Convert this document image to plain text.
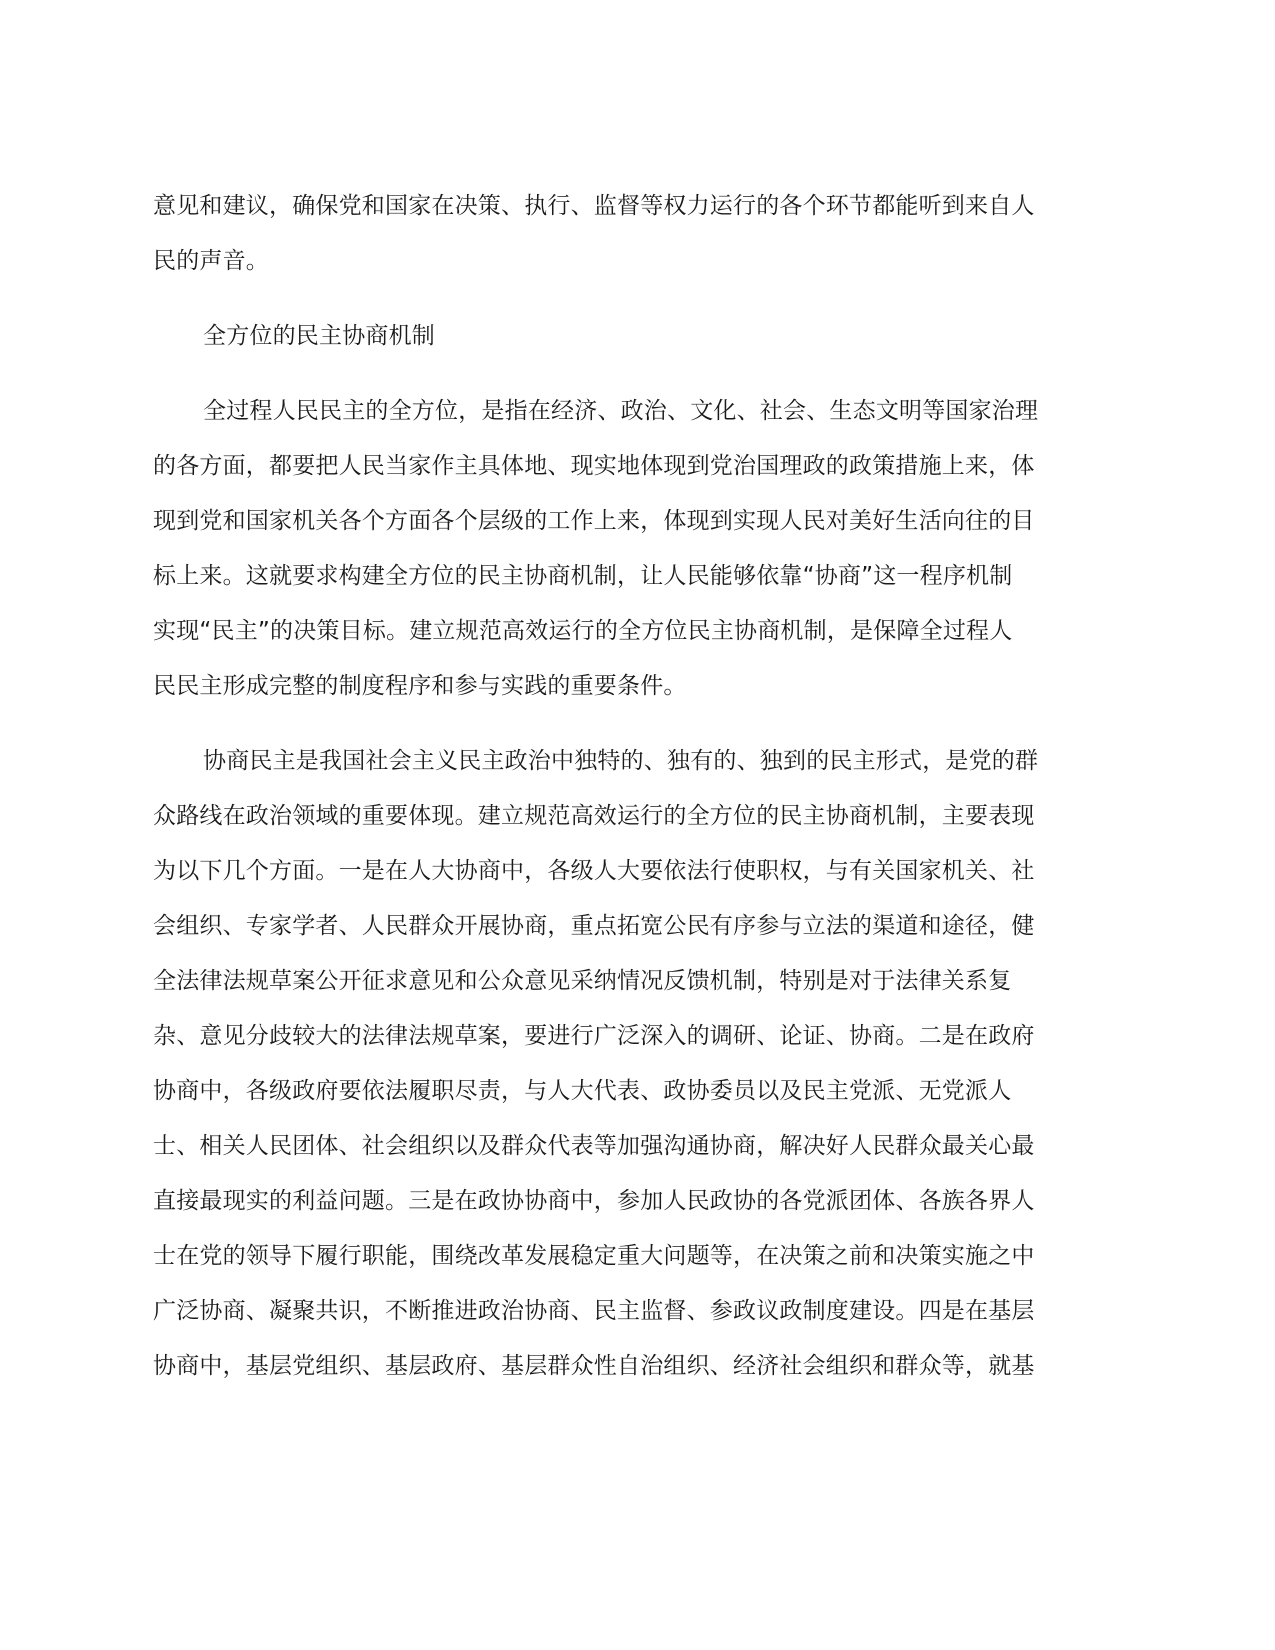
意见和建议，确保党和国家在决策、执行、监督等权力运行的各个环节都能听到来自人
民的声音。
全方位的民主协商机制
全过程人民民主的全方位，是指在经济、政治、文化、社会、生态文明等国家治理
的各方面，都要把人民当家作主具体地、现实地体现到党治国理政的政策措施上来，体
现到党和国家机关各个方面各个层级的工作上来，体现到实现人民对美好生活向往的目
标上来。这就要求构建全方位的民主协商机制，让人民能够依靠“协商”这一程序机制
实现“民主”的决策目标。建立规范高效运行的全方位民主协商机制，是保障全过程人
民民主形成完整的制度程序和参与实践的重要条件。
协商民主是我国社会主义民主政治中独特的、独有的、独到的民主形式，是党的群
众路线在政治领域的重要体现。建立规范高效运行的全方位的民主协商机制，主要表现
为以下几个方面。一是在人大协商中，各级人大要依法行使职权，与有关国家机关、社
会组织、专家学者、人民群众开展协商，重点拓宽公民有序参与立法的渠道和途径，健
全法律法规草案公开征求意见和公众意见采纳情况反馈机制，特别是对于法律关系复
杂、意见分歧较大的法律法规草案，要进行广泛深入的调研、论证、协商。二是在政府
协商中，各级政府要依法履职尽责，与人大代表、政协委员以及民主党派、无党派人
士、相关人民团体、社会组织以及群众代表等加强沟通协商，解决好人民群众最关心最
直接最现实的利益问题。三是在政协协商中，参加人民政协的各党派团体、各族各界人
士在党的领导下履行职能，围绕改革发展稳定重大问题等，在决策之前和决策实施之中
广泛协商、凝聚共识，不断推进政治协商、民主监督、参政议政制度建设。四是在基层
协商中，基层党组织、基层政府、基层群众性自治组织、经济社会组织和群众等，就基
